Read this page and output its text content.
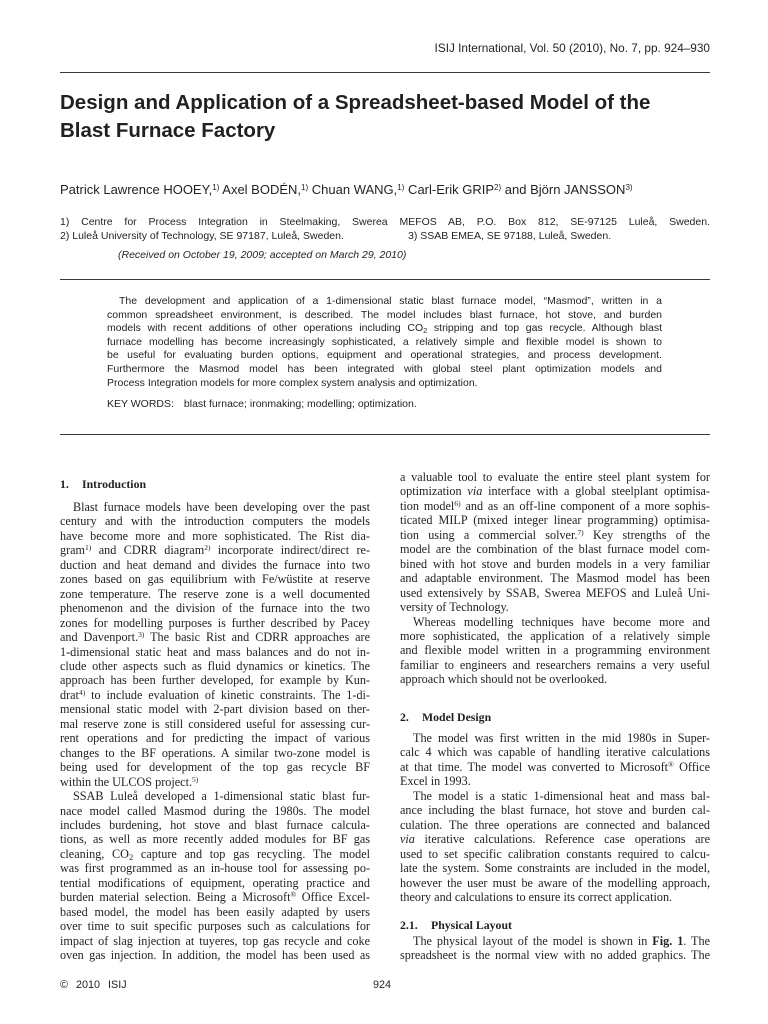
ISIJ International, Vol. 50 (2010), No. 7, pp. 924–930
Design and Application of a Spreadsheet-based Model of the
Blast Furnace Factory
Patrick Lawrence HOOEY,$^{1)}$ Axel BODÉN,$^{1)}$ Chuan WANG,$^{1)}$ Carl-Erik GRIP$^{2)}$ and Björn JANSSON$^{3)}$
1) Centre for Process Integration in Steelmaking, Swerea MEFOS AB, P.O. Box 812, SE-97125 Luleå, Sweden.
2) Luleå University of Technology, SE 97187, Luleå, Sweden.	3) SSAB EMEA, SE 97188, Luleå, Sweden.
(Received on October 19, 2009; accepted on March 29, 2010)
The development and application of a 1-dimensional static blast furnace model, “Masmod”, written in a
common spreadsheet environment, is described. The model includes blast furnace, hot stove, and burden
models with recent additions of other operations including CO2 stripping and top gas recycle. Although blast
furnace modelling has become increasingly sophisticated, a relatively simple and flexible model is shown to
be useful for evaluating burden options, equipment and operational strategies, and process development.
Furthermore the Masmod model has been integrated with global steel plant optimization models and
Process Integration models for more complex system analysis and optimization.
KEY WORDS: blast furnace; ironmaking; modelling; optimization.
1. Introduction
Blast furnace models have been developing over the past
century and with the introduction computers the models
have become more and more sophisticated. The Rist dia-
gram$^{1)}$ and CDRR diagram$^{2)}$ incorporate indirect/direct re-
duction and heat demand and divides the furnace into two
zones based on gas equilibrium with Fe/wüstite at reserve
zone temperature. The reserve zone is a well documented
phenomenon and the division of the furnace into the two
zones for modelling purposes is further described by Pacey
and Davenport.$^{3)}$ The basic Rist and CDRR approaches are
1-dimensional static heat and mass balances and do not in-
clude other aspects such as fluid dynamics or kinetics. The
approach has been further developed, for example by Kun-
drat$^{4)}$ to include evaluation of kinetic constraints. The 1-di-
mensional static model with 2-part division based on ther-
mal reserve zone is still considered useful for assessing cur-
rent operations and for predicting the impact of various
changes to the BF operations. A similar two-zone model is
being used for development of the top gas recycle BF
within the ULCOS project.$^{5)}$
SSAB Luleå developed a 1-dimensional static blast fur-
nace model called Masmod during the 1980s. The model
includes burdening, hot stove and blast furnace calcula-
tions, as well as more recently added modules for BF gas
cleaning, CO2 capture and top gas recycling. The model
was first programmed as an in-house tool for assessing po-
tential modifications of equipment, operating practice and
burden material selection. Being a Microsoft® Office Excel-
based model, the model has been easily adapted by users
over time to suit specific purposes such as calculations for
impact of slag injection at tuyeres, top gas recycle and coke
oven gas injection. In addition, the model has been used as
a valuable tool to evaluate the entire steel plant system for
optimization via interface with a global steelplant optimisa-
tion model$^{6)}$ and as an off-line component of a more sophis-
ticated MILP (mixed integer linear programming) optimisa-
tion using a commercial solver.$^{7)}$ Key strengths of the
model are the combination of the blast furnace model com-
bined with hot stove and burden models in a very familiar
and adaptable environment. The Masmod model has been
used extensively by SSAB, Swerea MEFOS and Luleå Uni-
versity of Technology.
Whereas modelling techniques have become more and
more sophisticated, the application of a relatively simple
and flexible model written in a programming environment
familiar to engineers and researchers remains a very useful
approach which should not be overlooked.
2. Model Design
The model was first written in the mid 1980s in Super-
calc 4 which was capable of handling iterative calculations
at that time. The model was converted to Microsoft® Office
Excel in 1993.
The model is a static 1-dimensional heat and mass bal-
ance including the blast furnace, hot stove and burden cal-
culation. The three operations are connected and balanced
via iterative calculations. Reference case operations are
used to set specific calibration constants required to calcu-
late the system. Some constraints are included in the model,
however the user must be aware of the modelling approach,
theory and calculations to ensure its correct application.
2.1. Physical Layout
The physical layout of the model is shown in Fig. 1. The
spreadsheet is the normal view with no added graphics. The
© 2010 ISIJ	924
